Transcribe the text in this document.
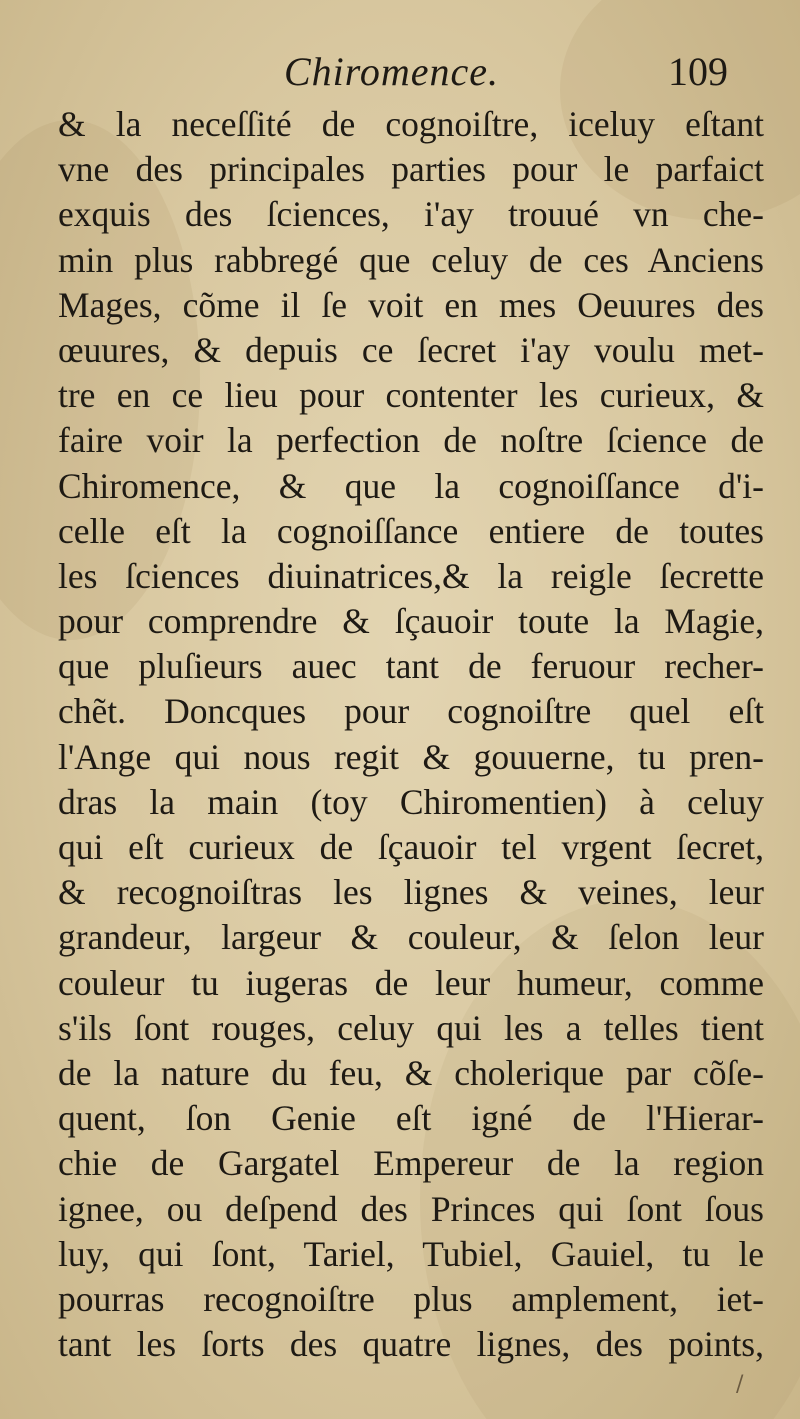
Chiromence.	109
& la neceſſité de cognoiſtre, iceluy eſtant
vne des principales parties pour le parfaict
exquis des ſciences, i'ay trouué vn che-
min plus rabbregé que celuy de ces Anciens
Mages, cõme il ſe voit en mes Oeuures des
œuures, & depuis ce ſecret i'ay voulu met-
tre en ce lieu pour contenter les curieux, &
faire voir la perfection de noſtre ſcience de
Chiromence, & que la cognoiſſance d'i-
celle eſt la cognoiſſance entiere de toutes
les ſciences diuinatrices,& la reigle ſecrette
pour comprendre & ſçauoir toute la Magie,
que pluſieurs auec tant de feruour recher-
chẽt. Doncques pour cognoiſtre quel eſt
l'Ange qui nous regit & gouuerne, tu pren-
dras la main (toy Chiromentien) à celuy
qui eſt curieux de ſçauoir tel vrgent ſecret,
& recognoiſtras les lignes & veines, leur
grandeur, largeur & couleur, & ſelon leur
couleur tu iugeras de leur humeur, comme
s'ils ſont rouges, celuy qui les a telles tient
de la nature du feu, & cholerique par cõſe-
quent, ſon Genie eſt igné de l'Hierar-
chie de Gargatel Empereur de la region
ignee, ou deſpend des Princes qui ſont ſous
luy, qui ſont, Tariel, Tubiel, Gauiel, tu le
pourras recognoiſtre plus amplement, iet-
tant les ſorts des quatre lignes, des points,
/
